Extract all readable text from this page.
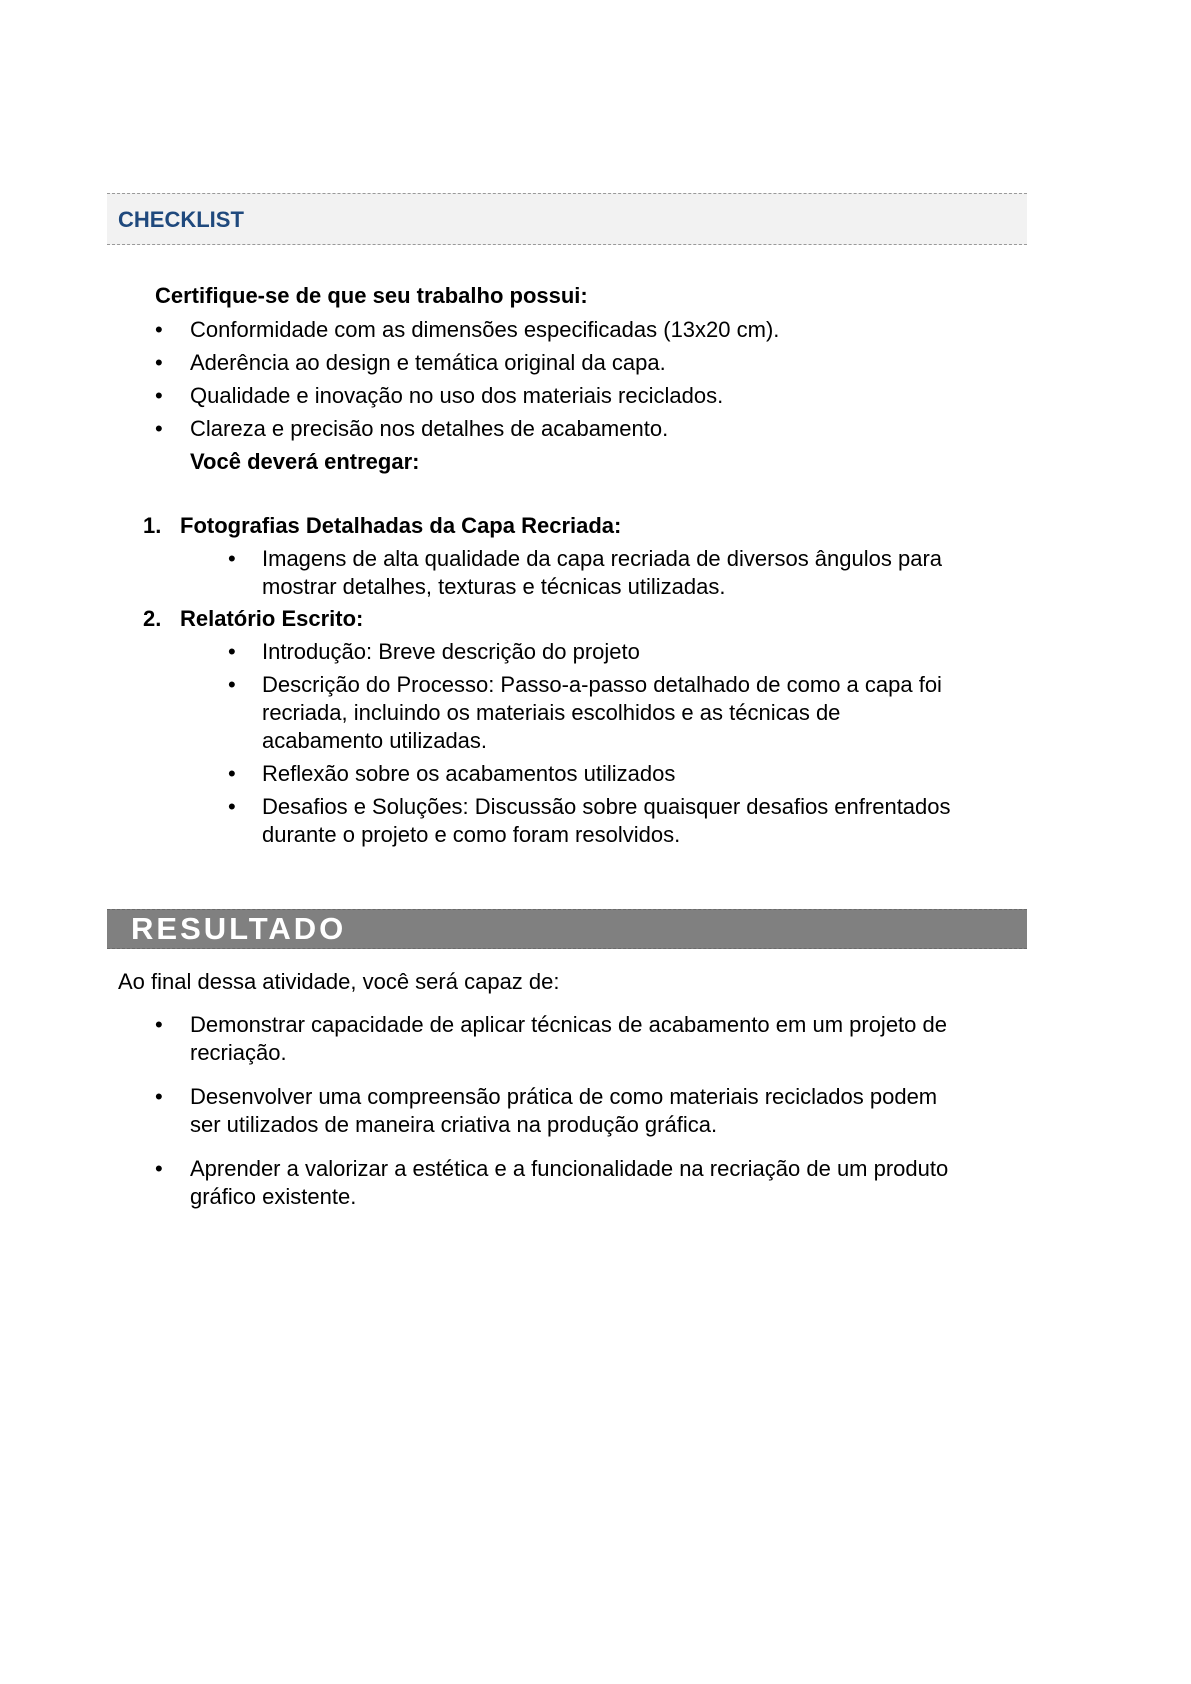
CHECKLIST
Certifique-se de que seu trabalho possui:
• Conformidade com as dimensões especificadas (13x20 cm).
• Aderência ao design e temática original da capa.
• Qualidade e inovação no uso dos materiais reciclados.
• Clareza e precisão nos detalhes de acabamento.
Você deverá entregar:
1. Fotografias Detalhadas da Capa Recriada:
• Imagens de alta qualidade da capa recriada de diversos ângulos para
mostrar detalhes, texturas e técnicas utilizadas.
2. Relatório Escrito:
• Introdução: Breve descrição do projeto
• Descrição do Processo: Passo-a-passo detalhado de como a capa foi
recriada, incluindo os materiais escolhidos e as técnicas de
acabamento utilizadas.
• Reflexão sobre os acabamentos utilizados
• Desafios e Soluções: Discussão sobre quaisquer desafios enfrentados
durante o projeto e como foram resolvidos.
RESULTADO
Ao final dessa atividade, você será capaz de:
• Demonstrar capacidade de aplicar técnicas de acabamento em um projeto de
recriação.
• Desenvolver uma compreensão prática de como materiais reciclados podem
ser utilizados de maneira criativa na produção gráfica.
• Aprender a valorizar a estética e a funcionalidade na recriação de um produto
gráfico existente.
